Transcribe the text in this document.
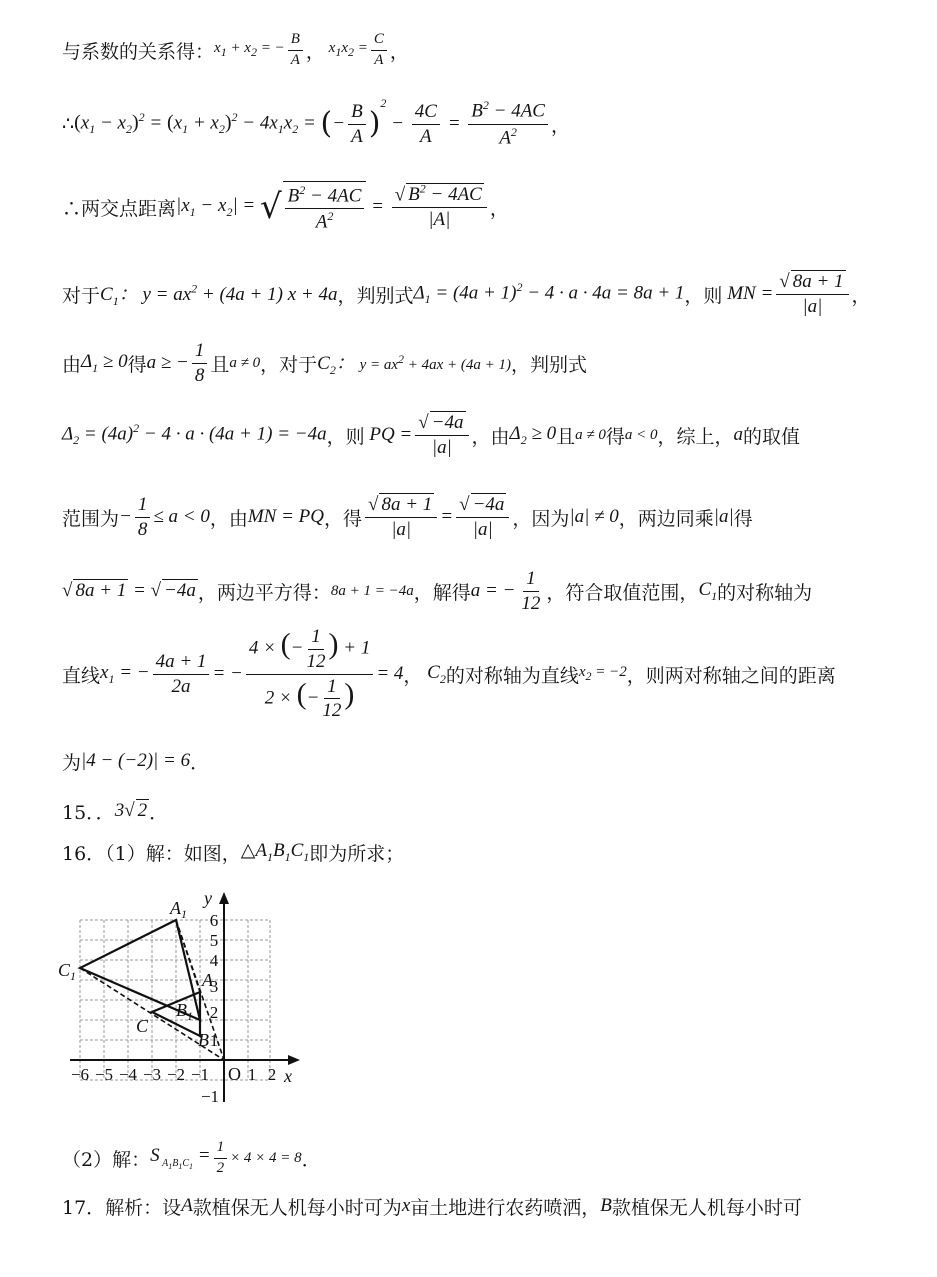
与系数的关系得： $x_1 + x_2$ = − $\frac{B}{A}$ ， $x_1x_2 = \frac{C}{A}$ ，
∴ $(x_1 - x_2)^2 = (x_1 + x_2)^2 - 4x_1x_2$ = ( − $\frac{B}{A}$ )
$^2$
− $\frac{4C}{A} = \frac{B^2 - 4AC}{A^2}$ ，
∴两交点距离 $|x_1 - x_2|$ = √ $\frac{B^2 - 4AC}{A^2} = \frac{√ B^2 - 4AC}{|A|}$ ，
对于 $C_1$： $y = ax^2 + (4a + 1) x + 4a$ ， 判别式 $\Delta_1 = (4a + 1)^2 - 4 \cdot a \cdot 4a = 8a + 1$ ，则 MN = $\frac{√ 8a + 1}{|a|}$ ，
由 $\Delta_1 \ge 0$ 得 a ≥ − $\frac{1}{8}$ 且 a ≠ 0 ，对于 $C_2$： $y = ax^2 + 4ax + (4a + 1)$ ，判别式
$\Delta_2 = (4a)^2 - 4 \cdot a \cdot (4a + 1) = -4a$ ，则 PQ = $\frac{√ -4a}{|a|}$ ，由 $\Delta_2 \ge 0$ 且 a ≠ 0 得 a < 0 ，综上， a 的取值
范围为 − $\frac{1}{8} \le a < 0$ ，由 MN = PQ ，得 $\frac{√ 8a + 1}{|a|} = \frac{√ -4a}{|a|}$ ，因为 |a| ≠ 0 ，两边同乘 |a| 得
√ 8a + 1 = √ −4a ，两边平方得： 8a + 1 = −4a ，解得 a = − $\frac{1}{12}$ ，符合取值范围， $C_1$ 的对称轴为
直线 $x_1$ = − $\frac{4a + 1}{2a}$ = − $\frac{4 \times (- \frac{1}{12} ) + 1}{2 \times (- \frac{1}{12} )} = 4$ ， $C_2$ 的对称轴为直线 $x_2 = -2$ ，则两对称轴之间的距离
为 |4 − (−2)| = 6 ．
15．． 3√ 2 ．
16．（1）解：如图， $\triangle A_1B_1C_1$ 即为所求；
$A_1$
$C_1$
$B_1$
A
B
C
y
x
O
−6 −5 −4 −3 −2 −1 1 2
6
5
4
3
2
1
−1
（2）解： S $_{A_1B_1C_1} = \frac{1}{2} \times 4 \times 4 = 8$ ．
17．解析：设 A 款植保无人机每小时可为 x 亩土地进行农药喷洒， B 款植保无人机每小时可
